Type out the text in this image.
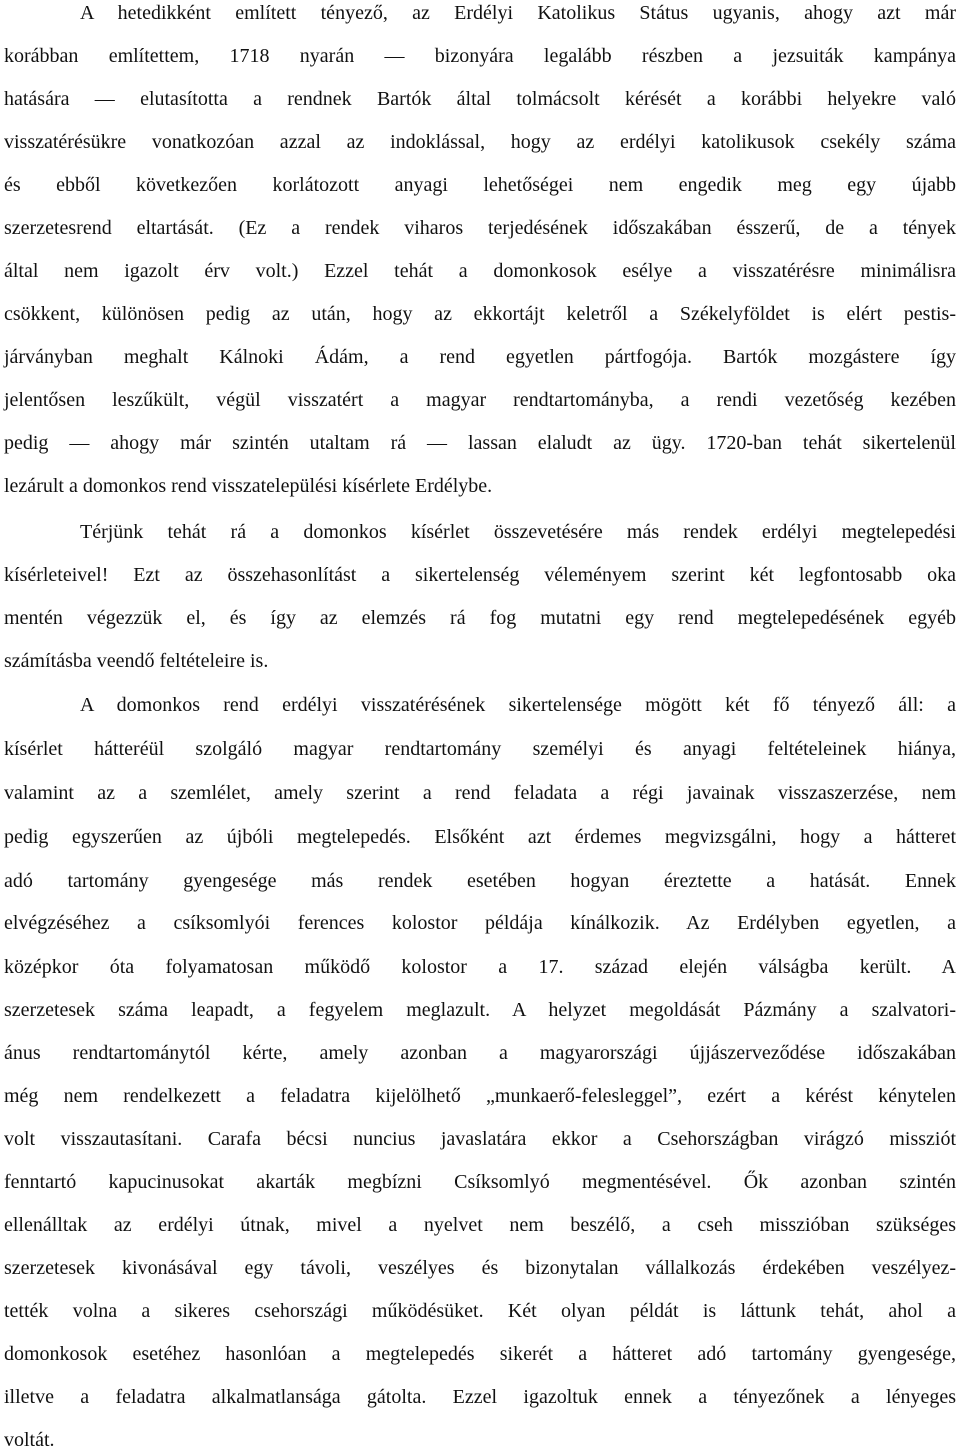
A hetedikként említett tényező, az Erdélyi Katolikus Státus ugyanis, ahogy azt már
korábban említettem, 1718 nyarán — bizonyára legalább részben a jezsuiták kampánya
hatására — elutasította a rendnek Bartók által tolmácsolt kérését a korábbi helyekre való
visszatérésükre vonatkozóan azzal az indoklással, hogy az erdélyi katolikusok csekély száma
és ebből következően korlátozott anyagi lehetőségei nem engedik meg egy újabb
szerzetesrend eltartását. (Ez a rendek viharos terjedésének időszakában ésszerű, de a tények
által nem igazolt érv volt.) Ezzel tehát a domonkosok esélye a visszatérésre minimálisra
csökkent, különösen pedig az után, hogy az ekkortájt keletről a Székelyföldet is elért pestis-
járványban meghalt Kálnoki Ádám, a rend egyetlen pártfogója. Bartók mozgástere így
jelentősen leszűkült, végül visszatért a magyar rendtartományba, a rendi vezetőség kezében
pedig — ahogy már szintén utaltam rá — lassan elaludt az ügy. 1720-ban tehát sikertelenül
lezárult a domonkos rend visszatelepülési kísérlete Erdélybe.
Térjünk tehát rá a domonkos kísérlet összevetésére más rendek erdélyi megtelepedési
kísérleteivel! Ezt az összehasonlítást a sikertelenség véleményem szerint két legfontosabb oka
mentén végezzük el, és így az elemzés rá fog mutatni egy rend megtelepedésének egyéb
számításba veendő feltételeire is.
A domonkos rend erdélyi visszatérésének sikertelensége mögött két fő tényező áll: a
kísérlet hátteréül szolgáló magyar rendtartomány személyi és anyagi feltételeinek hiánya,
valamint az a szemlélet, amely szerint a rend feladata a régi javainak visszaszerzése, nem
pedig egyszerűen az újbóli megtelepedés. Elsőként azt érdemes megvizsgálni, hogy a hátteret
adó tartomány gyengesége más rendek esetében hogyan éreztette a hatását. Ennek
elvégzéséhez a csíksomlyói ferences kolostor példája kínálkozik. Az Erdélyben egyetlen, a
középkor óta folyamatosan működő kolostor a 17. század elején válságba került. A
szerzetesek száma leapadt, a fegyelem meglazult. A helyzet megoldását Pázmány a szalvatori-
ánus rendtartománytól kérte, amely azonban a magyarországi újjászerveződése időszakában
még nem rendelkezett a feladatra kijelölhető „munkaerő-felesleggel”, ezért a kérést kénytelen
volt visszautasítani. Carafa bécsi nuncius javaslatára ekkor a Csehországban virágzó missziót
fenntartó kapucinusokat akarták megbízni Csíksomlyó megmentésével. Ők azonban szintén
ellenálltak az erdélyi útnak, mivel a nyelvet nem beszélő, a cseh misszióban szükséges
szerzetesek kivonásával egy távoli, veszélyes és bizonytalan vállalkozás érdekében veszélyez-
tették volna a sikeres csehországi működésüket. Két olyan példát is láttunk tehát, ahol a
domonkosok esetéhez hasonlóan a megtelepedés sikerét a hátteret adó tartomány gyengesége,
illetve a feladatra alkalmatlansága gátolta. Ezzel igazoltuk ennek a tényezőnek a lényeges
voltát.
